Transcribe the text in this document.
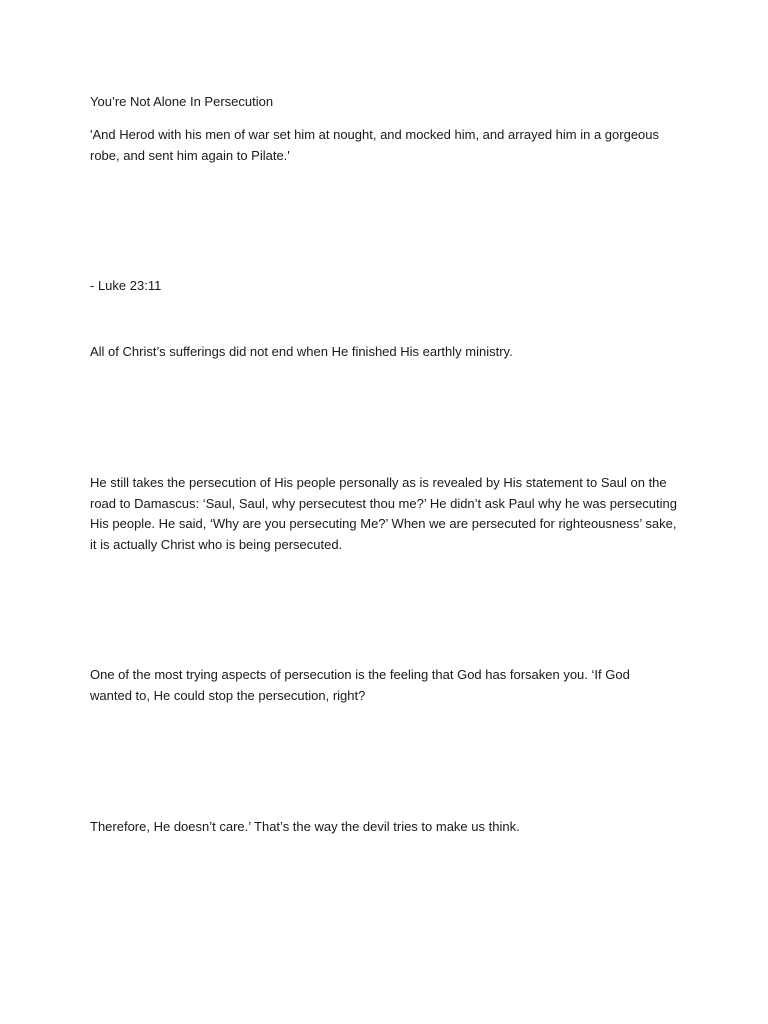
You’re Not Alone In Persecution

'And Herod with his men of war set him at nought, and mocked him, and arrayed him in a gorgeous robe, and sent him again to Pilate.'

- Luke 23:11

All of Christ’s sufferings did not end when He finished His earthly ministry.

He still takes the persecution of His people personally as is revealed by His statement to Saul on the road to Damascus: ‘Saul, Saul, why persecutest thou me?’ He didn’t ask Paul why he was persecuting His people. He said, ‘Why are you persecuting Me?’ When we are persecuted for righteousness’ sake, it is actually Christ who is being persecuted.

One of the most trying aspects of persecution is the feeling that God has forsaken you. ‘If God wanted to, He could stop the persecution, right?

Therefore, He doesn’t care.’ That’s the way the devil tries to make us think.
